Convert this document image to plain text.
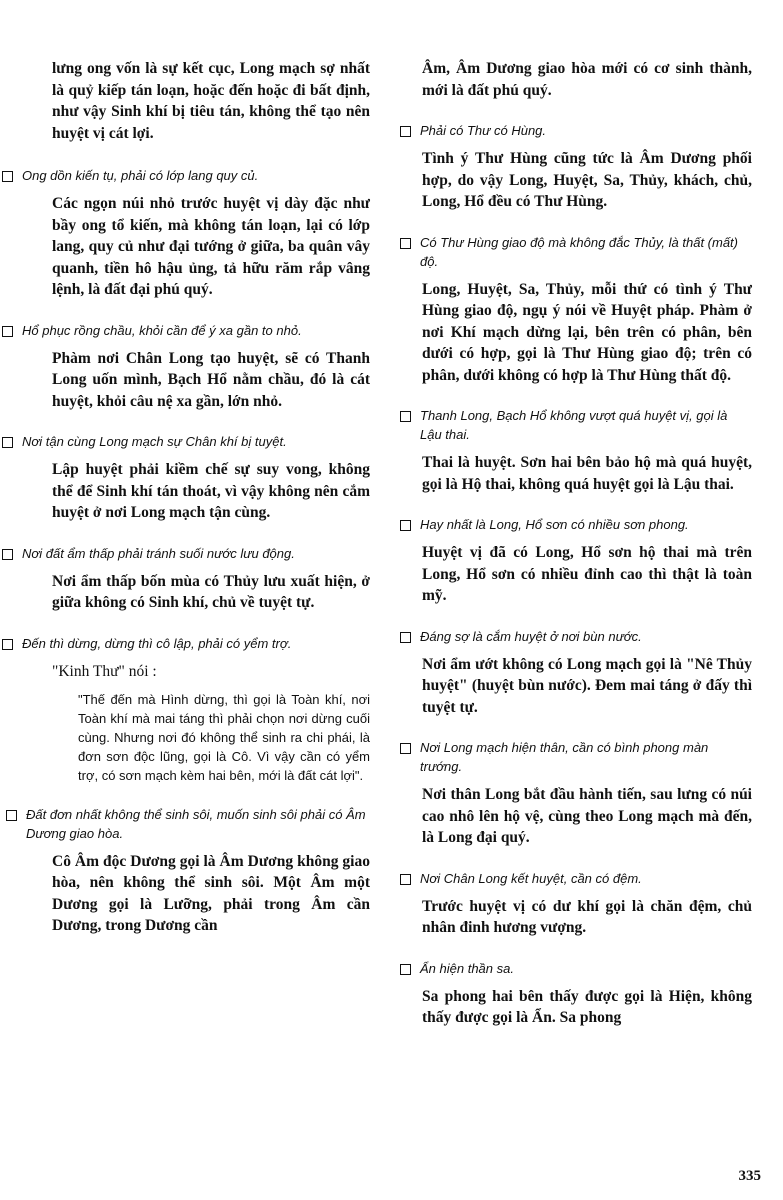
lưng ong vốn là sự kết cục, Long mạch sợ nhất là quỷ kiếp tán loạn, hoặc đến hoặc đi bất định, như vậy Sinh khí bị tiêu tán, không thể tạo nên huyệt vị cát lợi.

Ong dồn kiến tụ, phải có lớp lang quy củ.

Các ngọn núi nhỏ trước huyệt vị dày đặc như bầy ong tổ kiến, mà không tán loạn, lại có lớp lang, quy củ như đại tướng ở giữa, ba quân vây quanh, tiền hô hậu ủng, tả hữu răm rắp vâng lệnh, là đất đại phú quý.

Hổ phục rồng chầu, khỏi cần để ý xa gần to nhỏ.

Phàm nơi Chân Long tạo huyệt, sẽ có Thanh Long uốn mình, Bạch Hổ nằm chầu, đó là cát huyệt, khỏi câu nệ xa gần, lớn nhỏ.

Nơi tận cùng Long mạch sự Chân khí bị tuyệt.

Lập huyệt phải kiềm chế sự suy vong, không thể để Sinh khí tán thoát, vì vậy không nên cắm huyệt ở nơi Long mạch tận cùng.

Nơi đất ẩm thấp phải tránh suối nước lưu động.

Nơi ẩm thấp bốn mùa có Thủy lưu xuất hiện, ở giữa không có Sinh khí, chủ về tuyệt tự.

Đến thì dừng, dừng thì cô lập, phải có yểm trợ.

"Kinh Thư" nói :

"Thế đến mà Hình dừng, thì gọi là Toàn khí, nơi Toàn khí mà mai táng thì phải chọn nơi dừng cuối cùng. Nhưng nơi đó không thể sinh ra chi phái, là đơn sơn độc lũng, gọi là Cô. Vì vậy cần có yểm trợ, có sơn mạch kèm hai bên, mới là đất cát lợi".

Đất đơn nhất không thể sinh sôi, muốn sinh sôi phải có Âm Dương giao hòa.

Cô Âm độc Dương gọi là Âm Dương không giao hòa, nên không thể sinh sôi. Một Âm một Dương gọi là Lưỡng, phải trong Âm cần Dương, trong Dương cần

Âm, Âm Dương giao hòa mới có cơ sinh thành, mới là đất phú quý.

Phải có Thư có Hùng.

Tình ý Thư Hùng cũng tức là Âm Dương phối hợp, do vậy Long, Huyệt, Sa, Thủy, khách, chủ, Long, Hổ đều có Thư Hùng.

Có Thư Hùng giao độ mà không đắc Thủy, là thất (mất) độ.

Long, Huyệt, Sa, Thủy, mỗi thứ có tình ý Thư Hùng giao độ, ngụ ý nói về Huyệt pháp. Phàm ở nơi Khí mạch dừng lại, bên trên có phân, bên dưới có hợp, gọi là Thư Hùng giao độ; trên có phân, dưới không có hợp là Thư Hùng thất độ.

Thanh Long, Bạch Hổ không vượt quá huyệt vị, gọi là Lậu thai.

Thai là huyệt. Sơn hai bên bảo hộ mà quá huyệt, gọi là Hộ thai, không quá huyệt gọi là Lậu thai.

Hay nhất là Long, Hổ sơn có nhiều sơn phong.

Huyệt vị đã có Long, Hổ sơn hộ thai mà trên Long, Hổ sơn có nhiều đỉnh cao thì thật là toàn mỹ.

Đáng sợ là cắm huyệt ở nơi bùn nước.

Nơi ẩm ướt không có Long mạch gọi là "Nê Thủy huyệt" (huyệt bùn nước). Đem mai táng ở đấy thì tuyệt tự.

Nơi Long mạch hiện thân, cần có bình phong màn trướng.

Nơi thân Long bắt đầu hành tiến, sau lưng có núi cao nhô lên hộ vệ, cùng theo Long mạch mà đến, là Long đại quý.

Nơi Chân Long kết huyệt, cần có đệm.

Trước huyệt vị có dư khí gọi là chăn đệm, chủ nhân đinh hương vượng.

Ẩn hiện thần sa.

Sa phong hai bên thấy được gọi là Hiện, không thấy được gọi là Ẩn. Sa phong

335
